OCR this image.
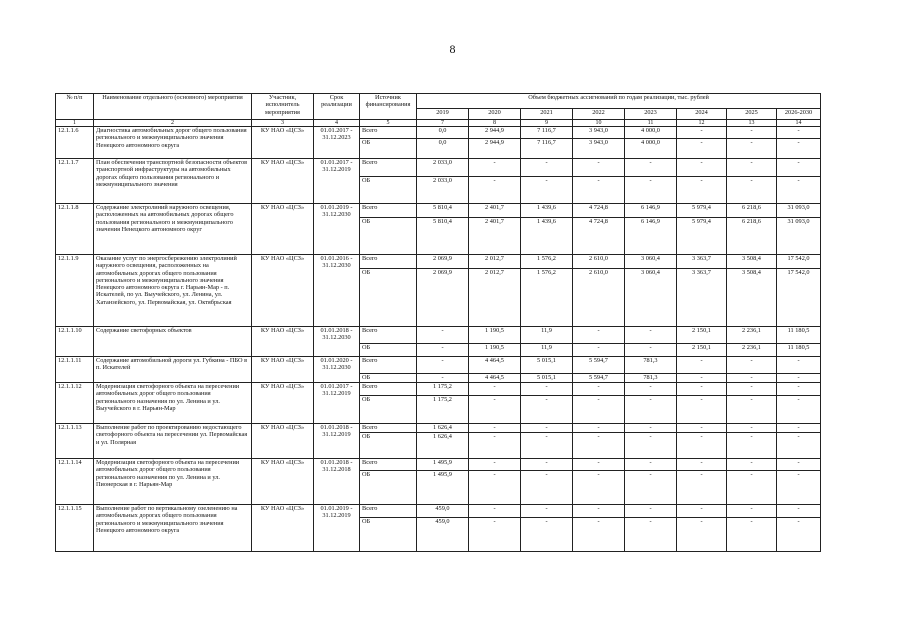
8
№ п/п	Наименование отдельного (основного) мероприятия	Участник, исполнитель мероприятия	Срок реализации	Источник финансирования	Объем бюджетных ассигнований по годам реализации, тыс. рублей							
					2019	2020	2021	2022	2023	2024	2025	2026-2030
1	2	3	4	5	7	8	9	10	11	12	13	14
12.1.1.6	Диагностика автомобильных дорог общего пользования регионального и межмуниципального значения Ненецкого автономного округа	КУ НАО «ЦСЗ»	01.01.2017 - 31.12.2023	Всего	0,0	2 944,9	7 116,7	3 943,0	4 000,0	-	-	-
				ОБ	0,0	2 944,9	7 116,7	3 943,0	4 000,0	-	-	-
12.1.1.7	План обеспечения транспортной безопасности объектов транспортной инфраструктуры на автомобильных дорогах общего пользования регионального и межмуниципального значения	КУ НАО «ЦСЗ»	01.01.2017 - 31.12.2019	Всего	2 033,0	-	-	-	-	-	-	-
				ОБ	2 033,0	-	-	-	-	-	-	-
12.1.1.8	Содержание электролиний наружного освещения, расположенных на автомобильных дорогах общего пользования регионального и межмуниципального значения Ненецкого автономного округ	КУ НАО «ЦСЗ»	01.01.2019 - 31.12.2030	Всего	5 810,4	2 401,7	1 439,6	4 724,8	6 146,9	5 979,4	6 218,6	31 093,0
				ОБ	5 810,4	2 401,7	1 439,6	4 724,8	6 146,9	5 979,4	6 218,6	31 093,0
12.1.1.9	Оказание услуг по энергосбережению электролиний наружного освещения, расположенных на автомобильных дорогах общего пользования регионального и межмуниципального значения Ненецкого автономного округа г. Нарьян-Мар - п. Искателей, по ул. Выучейского, ул. Ленина, ул. Хатанзейского, ул. Первомайская, ул. Октябрьская	КУ НАО «ЦСЗ»	01.01.2016 - 31.12.2030	Всего	2 069,9	2 012,7	1 576,2	2 610,0	3 060,4	3 363,7	3 508,4	17 542,0
				ОБ	2 069,9	2 012,7	1 576,2	2 610,0	3 060,4	3 363,7	3 508,4	17 542,0
12.1.1.10	Содержание светофорных объектов	КУ НАО «ЦСЗ»	01.01.2018 - 31.12.2030	Всего	-	1 190,5	11,9	-	-	2 150,1	2 236,1	11 180,5
				ОБ	-	1 190,5	11,9	-	-	2 150,1	2 236,1	11 180,5
12.1.1.11	Содержание автомобильной дороги ул. Губкина - ПБО в п. Искателей	КУ НАО «ЦСЗ»	01.01.2020 - 31.12.2030	Всего	-	4 464,5	5 015,1	5 594,7	781,3	-	-	-
				ОБ	-	4 464,5	5 015,1	5 594,7	781,3	-	-	-
12.1.1.12	Модернизация светофорного объекта на пересечении автомобильных дорог общего пользования регионального назначения по ул. Ленина и ул. Выучейского в г. Нарьян-Мар	КУ НАО «ЦСЗ»	01.01.2017 - 31.12.2019	Всего	1 175,2	-	-	-	-	-	-	-
				ОБ	1 175,2	-	-	-	-	-	-	-
12.1.1.13	Выполнение работ по проектированию недостающего светофорного объекта на пересечении ул. Первомайская и ул. Полярная	КУ НАО «ЦСЗ»	01.01.2018 - 31.12.2019	Всего	1 626,4	-	-	-	-	-	-	-
				ОБ	1 626,4	-	-	-	-	-	-	-
12.1.1.14	Модернизация светофорного объекта на пересечении автомобильных дорог общего пользования регионального назначения по ул. Ленина и ул. Пионерская в г. Нарьян-Мар	КУ НАО «ЦСЗ»	01.01.2018 - 31.12.2018	Всего	1 495,9	-	-	-	-	-	-	-
				ОБ	1 495,9	-	-	-	-	-	-	-
12.1.1.15	Выполнение работ по вертикальному озеленению на автомобильных дорогах общего пользования регионального и межмуниципального значения Ненецкого автономного округа	КУ НАО «ЦСЗ»	01.01.2019 - 31.12.2019	Всего	459,0	-	-	-	-	-	-	-
				ОБ	459,0	-	-	-	-	-	-	-
